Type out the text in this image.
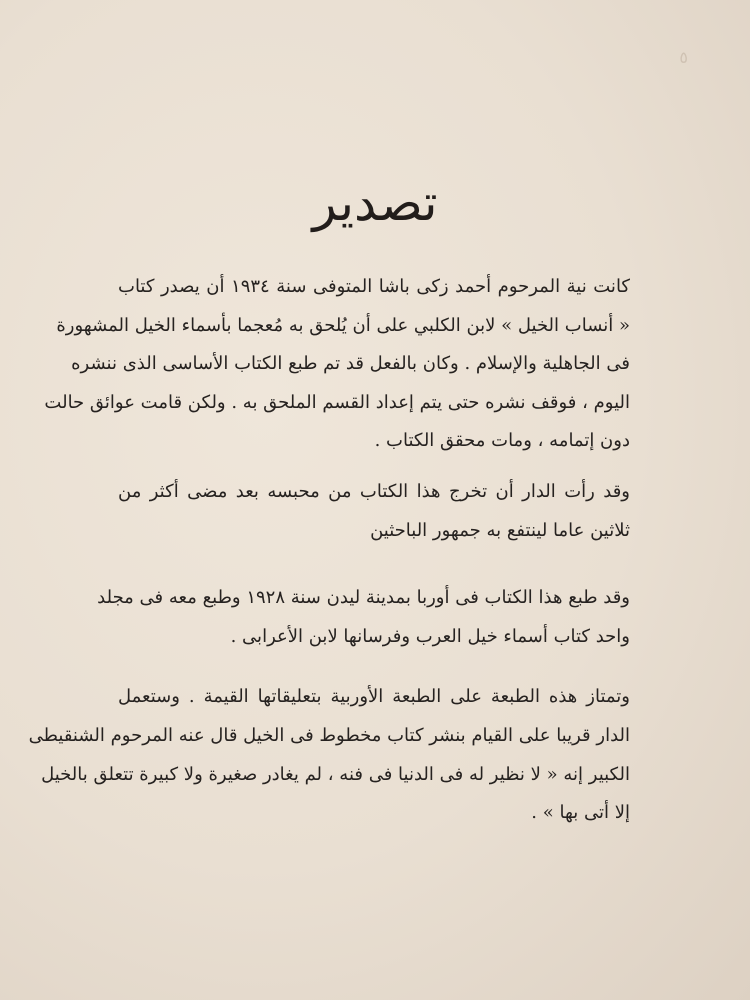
٥
تصدير
كانت نية المرحوم أحمد زكى باشا المتوفى سنة ١٩٣٤ أن يصدر كتاب
« أنساب الخيل » لابن الكلبي على أن يُلحق به مُعجما بأسماء الخيل المشهورة
فى الجاهلية والإسلام . وكان بالفعل قد تم طبع الكتاب الأساسى الذى ننشره
اليوم ، فوقف نشره حتى يتم إعداد القسم الملحق به . ولكن قامت عوائق حالت
دون إتمامه ، ومات محقق الكتاب .
وقد رأت الدار أن تخرج هذا الكتاب من محبسه بعد مضى أكثر من
ثلاثين عاما لينتفع به جمهور الباحثين
وقد طبع هذا الكتاب فى أوربا بمدينة ليدن سنة ١٩٢٨ وطبع معه فى مجلد
واحد كتاب أسماء خيل العرب وفرسانها لابن الأعرابى .
وتمتاز هذه الطبعة على الطبعة الأوربية بتعليقاتها القيمة . وستعمل
الدار قريبا على القيام بنشر كتاب مخطوط فى الخيل قال عنه المرحوم الشنقيطى
الكبير إنه « لا نظير له فى الدنيا فى فنه ، لم يغادر صغيرة ولا كبيرة تتعلق بالخيل
إلا أتى بها » .
